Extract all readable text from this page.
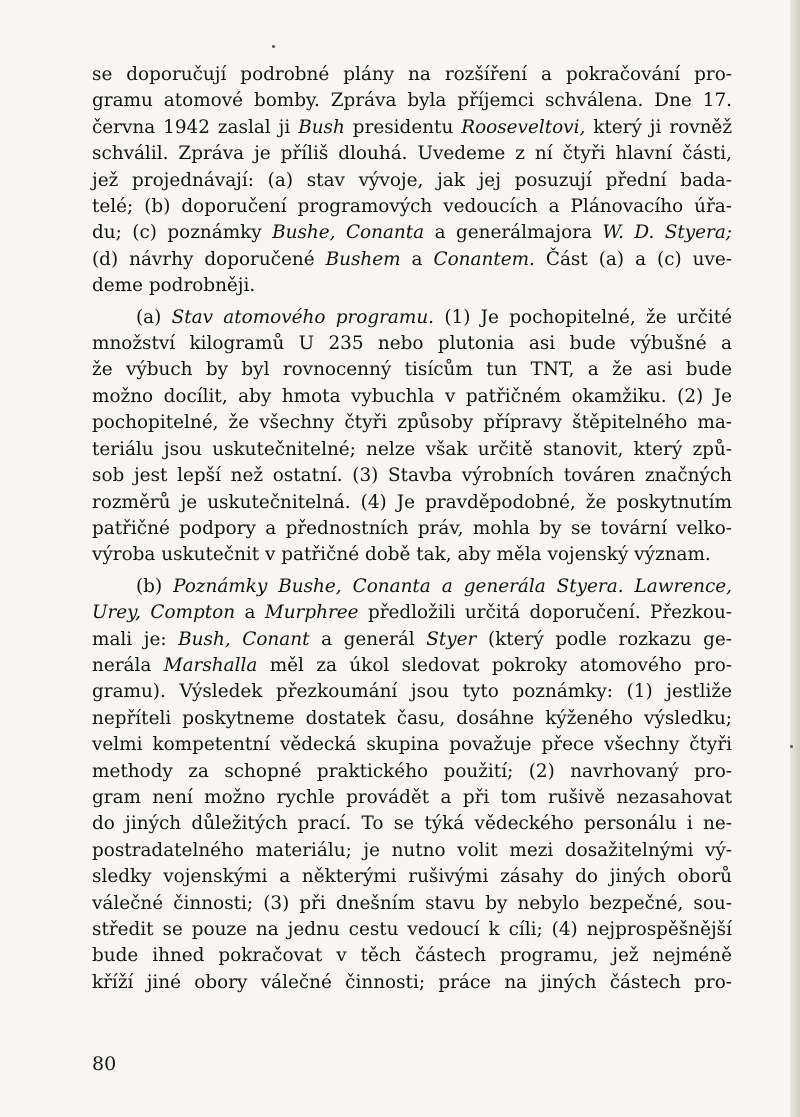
se doporučují podrobné plány na rozšíření a pokračování pro-
gramu atomové bomby. Zpráva byla příjemci schválena. Dne 17.
června 1942 zaslal ji Bush presidentu Rooseveltovi, který ji rovněž
schválil. Zpráva je příliš dlouhá. Uvedeme z ní čtyři hlavní části,
jež projednávají: (a) stav vývoje, jak jej posuzují přední bada-
telé; (b) doporučení programových vedoucích a Plánovacího úřa-
du; (c) poznámky Bushe, Conanta a generálmajora W. D. Styera;
(d) návrhy doporučené Bushem a Conantem. Část (a) a (c) uve-
deme podrobněji.

(a) Stav atomového programu. (1) Je pochopitelné, že určité
množství kilogramů U 235 nebo plutonia asi bude výbušné a
že výbuch by byl rovnocenný tisícům tun TNT, a že asi bude
možno docílit, aby hmota vybuchla v patřičném okamžiku. (2) Je
pochopitelné, že všechny čtyři způsoby přípravy štěpitelného ma-
teriálu jsou uskutečnitelné; nelze však určitě stanovit, který způ-
sob jest lepší než ostatní. (3) Stavba výrobních továren značných
rozměrů je uskutečnitelná. (4) Je pravděpodobné, že poskytnutím
patřičné podpory a přednostních práv, mohla by se tovární velko-
výroba uskutečnit v patřičné době tak, aby měla vojenský význam.

(b) Poznámky Bushe, Conanta a generála Styera. Lawrence,
Urey, Compton a Murphree předložili určitá doporučení. Přezkou-
mali je: Bush, Conant a generál Styer (který podle rozkazu ge-
nerála Marshalla měl za úkol sledovat pokroky atomového pro-
gramu). Výsledek přezkoumání jsou tyto poznámky: (1) jestliže
nepříteli poskytneme dostatek času, dosáhne kýženého výsledku;
velmi kompetentní vědecká skupina považuje přece všechny čtyři
methody za schopné praktického použití; (2) navrhovaný pro-
gram není možno rychle provádět a při tom rušivě nezasahovat
do jiných důležitých prací. To se týká vědeckého personálu i ne-
postradatelného materiálu; je nutno volit mezi dosažitelnými vý-
sledky vojenskými a některými rušivými zásahy do jiných oborů
válečné činnosti; (3) při dnešním stavu by nebylo bezpečné, sou-
středit se pouze na jednu cestu vedoucí k cíli; (4) nejprospěšnější
bude ihned pokračovat v těch částech programu, jež nejméně
kříží jiné obory válečné činnosti; práce na jiných částech pro-

80
